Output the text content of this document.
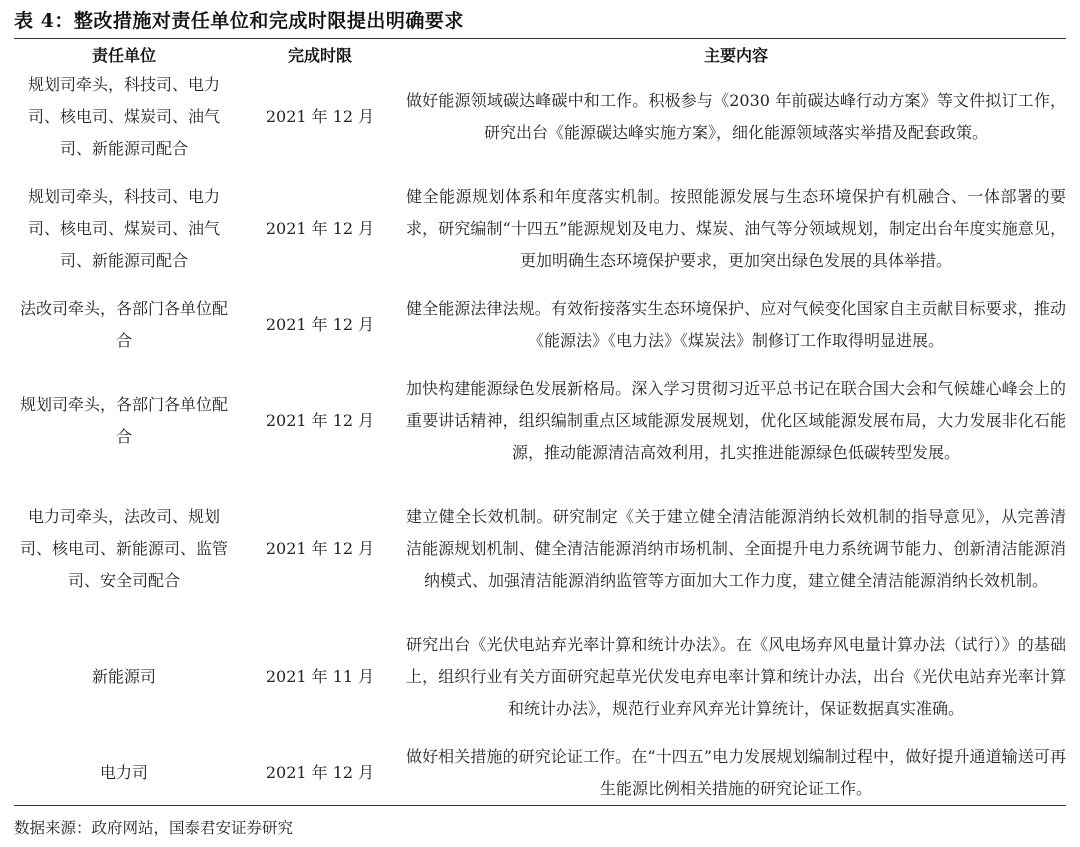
表 4：整改措施对责任单位和完成时限提出明确要求
责任单位	完成时限	主要内容
规划司牵头，科技司、电力司、核电司、煤炭司、油气司、新能源司配合	2021 年 12 月	做好能源领域碳达峰碳中和工作。积极参与《2030 年前碳达峰行动方案》等文件拟订工作，研究出台《能源碳达峰实施方案》，细化能源领域落实举措及配套政策。
规划司牵头，科技司、电力司、核电司、煤炭司、油气司、新能源司配合	2021 年 12 月	健全能源规划体系和年度落实机制。按照能源发展与生态环境保护有机融合、一体部署的要求，研究编制“十四五”能源规划及电力、煤炭、油气等分领域规划，制定出台年度实施意见，更加明确生态环境保护要求，更加突出绿色发展的具体举措。
法改司牵头，各部门各单位配合	2021 年 12 月	健全能源法律法规。有效衔接落实生态环境保护、应对气候变化国家自主贡献目标要求，推动《能源法》《电力法》《煤炭法》制修订工作取得明显进展。
规划司牵头，各部门各单位配合	2021 年 12 月	加快构建能源绿色发展新格局。深入学习贯彻习近平总书记在联合国大会和气候雄心峰会上的重要讲话精神，组织编制重点区域能源发展规划，优化区域能源发展布局，大力发展非化石能源，推动能源清洁高效利用，扎实推进能源绿色低碳转型发展。
电力司牵头，法改司、规划司、核电司、新能源司、监管司、安全司配合	2021 年 12 月	建立健全长效机制。研究制定《关于建立健全清洁能源消纳长效机制的指导意见》，从完善清洁能源规划机制、健全清洁能源消纳市场机制、全面提升电力系统调节能力、创新清洁能源消纳模式、加强清洁能源消纳监管等方面加大工作力度，建立健全清洁能源消纳长效机制。
新能源司	2021 年 11 月	研究出台《光伏电站弃光率计算和统计办法》。在《风电场弃风电量计算办法（试行）》的基础上，组织行业有关方面研究起草光伏发电弃电率计算和统计办法，出台《光伏电站弃光率计算和统计办法》，规范行业弃风弃光计算统计，保证数据真实准确。
电力司	2021 年 12 月	做好相关措施的研究论证工作。在“十四五”电力发展规划编制过程中，做好提升通道输送可再生能源比例相关措施的研究论证工作。
数据来源：政府网站，国泰君安证券研究
